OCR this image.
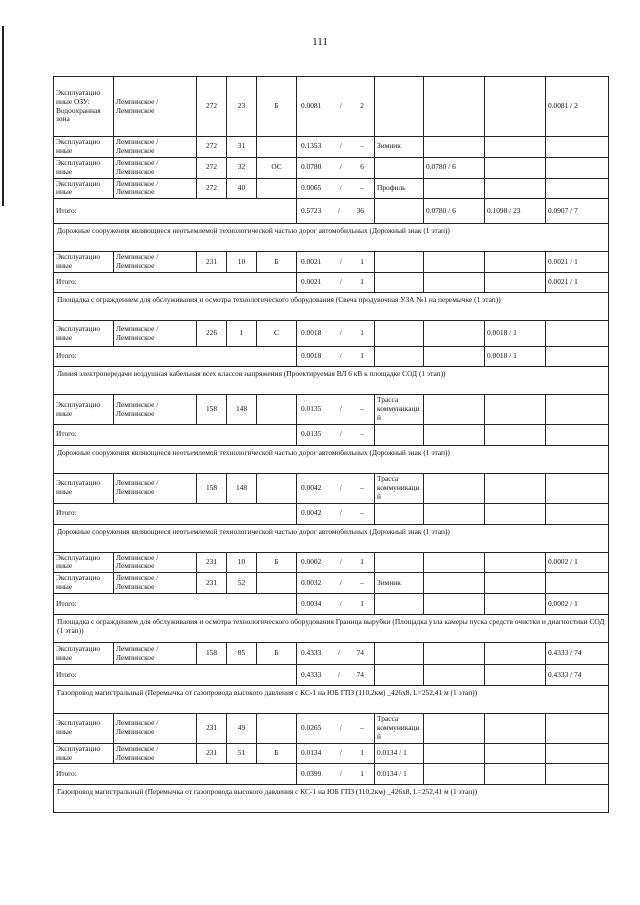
111
Эксплуатацио иные ОЗУ: Водоохранная зона	Лемпинское / Лемпинское	272	23	Б	0.0081 / 2				0.0081 / 2
Эксплуатацио иные	Лемпинское / Лемпинское	272	31		0.1353 / –	Зимник			
Эксплуатацио иные	Лемпинское / Лемпинское	272	32	ОС	0.0780 / 6		0.0780 / 6		
Эксплуатацио иные	Лемпинское / Лемпинское	272	40		0.0065 / –	Профиль			
Итого:					0.5723 / 36		0.0780 / 6	0.1098 / 23	0.0907 / 7
Дорожные сооружения являющиеся неотъемлемой технологической частью дорог автомобильных (Дорожный знак (1 этап))									
Эксплуатацио иные	Лемпинское / Лемпинское	231	10	Б	0.0021 / 1				0.0021 / 1
Итого:					0.0021 / 1				0.0021 / 1
Площадка с ограждением для обслуживания и осмотра технологического оборудования (Свеча продувочная УЗА №1 на перемычке (1 этап))									
Эксплуатацио иные	Лемпинское / Лемпинское	226	1	С	0.0018 / 1			0.0018 / 1	
Итого:					0.0018 / 1			0.0018 / 1	
Линия электропередачи воздушная кабельная всех классов напряжения (Проектируемая ВЛ 6 кВ к площадке СОД (1 этап))									
Эксплуатацио иные	Лемпинское / Лемпинское	158	148		0.0135 / –	Трасса коммуникаций			
Итого:					0.0135 / –				

Дорожные сооружения являющиеся неотъемлемой технологической частью дорог автомобильных (Дорожный знак (1 этап))									
Эксплуатацио иные	Лемпинское / Лемпинское	158	148		0.0042 / –	Трасса коммуникаций			
Итого:					0.0042 / –				

Дорожные сооружения являющиеся неотъемлемой технологической частью дорог автомобильных (Дорожный знак (1 этап))									
Эксплуатацио иные	Лемпинское / Лемпинское	231	10	Б	0.0002 / 1				0.0002 / 1
Эксплуатацио иные	Лемпинское / Лемпинское	231	52		0.0032 / –	Зимник			
Итого:					0.0034 / 1				0.0002 / 1
Площадка с ограждением для обслуживания и осмотра технологического оборудования Граница вырубки (Площадка узла камеры пуска средств очистки и диагностики СОД (1 этап))									
Эксплуатацио иные	Лемпинское / Лемпинское	158	85	Б	0.4333 / 74				0.4333 / 74
Итого:					0.4333 / 74				0.4333 / 74
Газопровод магистральный (Перемычка от газопровода высокого давления с КС-1 на ЮБ ГПЗ (110,2км) _426х8, L=252,41 м (1 этап))									
Эксплуатацио иные	Лемпинское / Лемпинское	231	49		0.0265 / –	Трасса коммуникаций			
Эксплуатацио иные	Лемпинское / Лемпинское	231	51	Б	0.0134 / 1	0.0134 / 1			
Итого:					0.0399 / 1	0.0134 / 1			
Газопровод магистральный (Перемычка от газопровода высокого давления с КС-1 на ЮБ ГПЗ (110,2км) _426х8, L=252,41 м (1 этап))									
